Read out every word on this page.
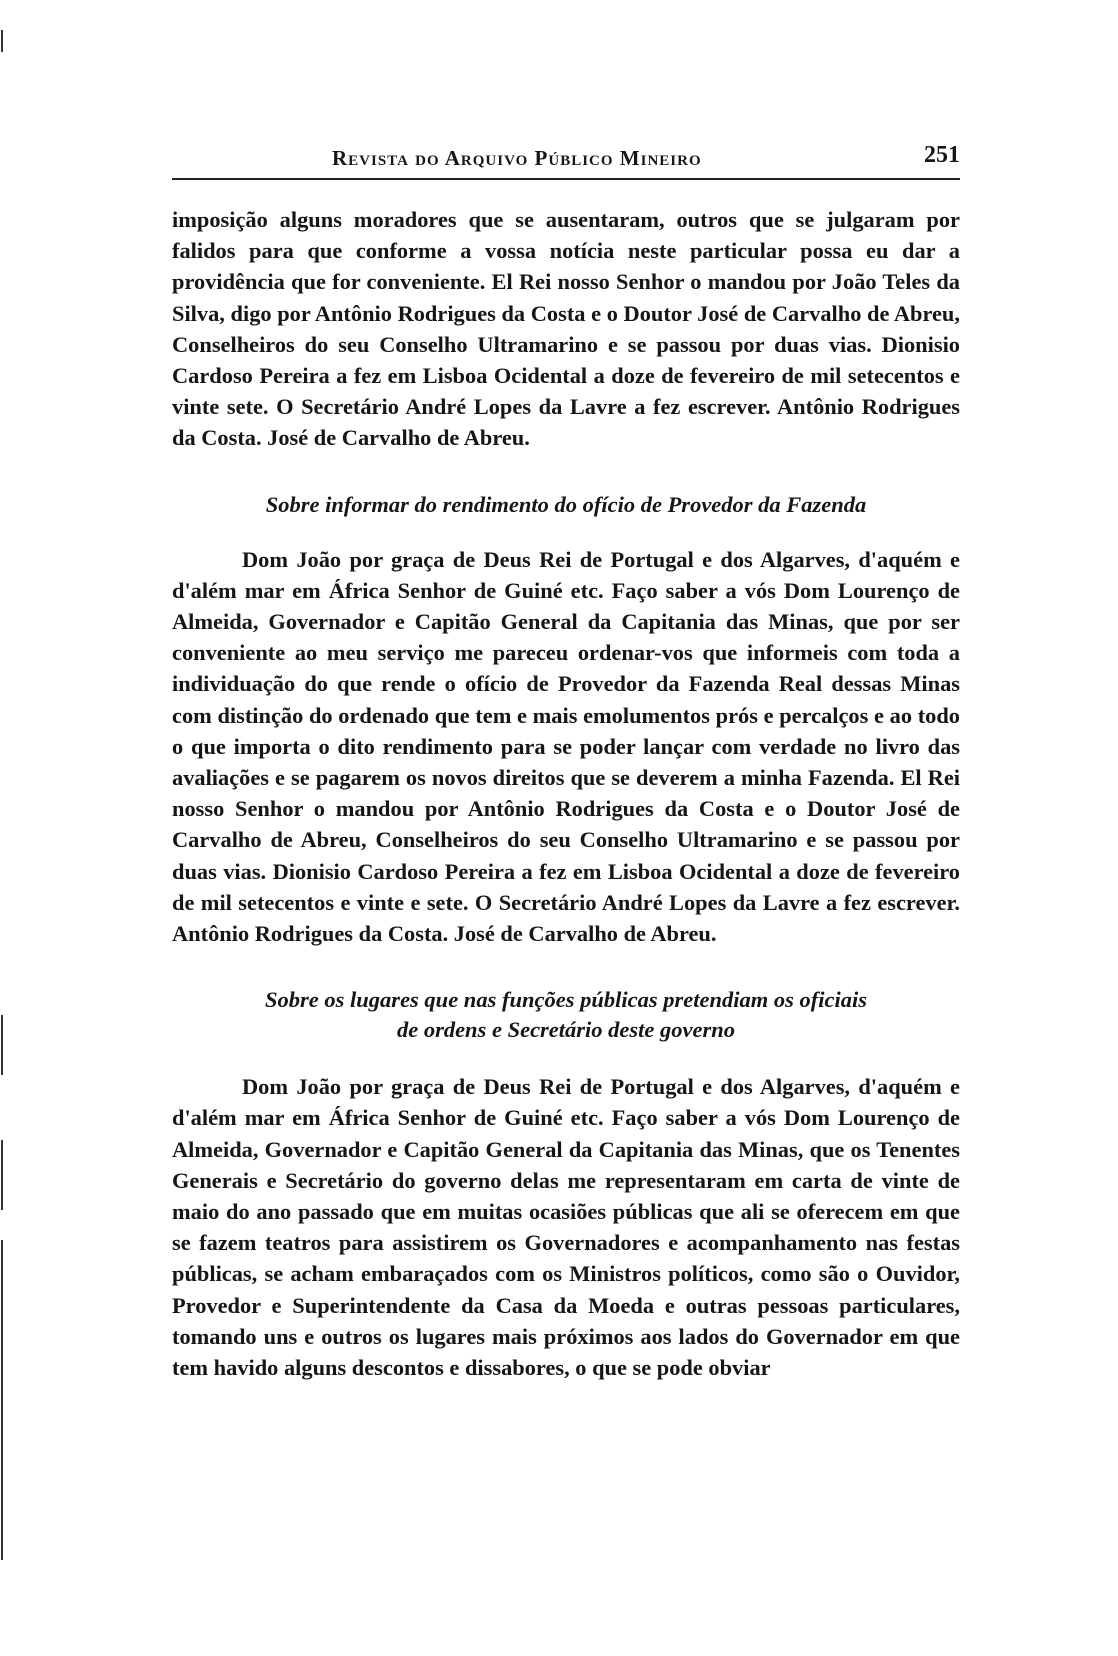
Revista do Arquivo Público Mineiro	251

imposição alguns moradores que se ausentaram, outros que se julgaram por falidos para que conforme a vossa notícia neste particular possa eu dar a providência que for conveniente. El Rei nosso Senhor o mandou por João Teles da Silva, digo por Antônio Rodrigues da Costa e o Doutor José de Carvalho de Abreu, Conselheiros do seu Conselho Ultramarino e se passou por duas vias. Dionisio Cardoso Pereira a fez em Lisboa Ocidental a doze de fevereiro de mil setecentos e vinte sete. O Secretário André Lopes da Lavre a fez escrever. Antônio Rodrigues da Costa. José de Carvalho de Abreu.

Sobre informar do rendimento do ofício de Provedor da Fazenda

Dom João por graça de Deus Rei de Portugal e dos Algarves, d'aquém e d'além mar em África Senhor de Guiné etc. Faço saber a vós Dom Lourenço de Almeida, Governador e Capitão General da Capitania das Minas, que por ser conveniente ao meu serviço me pareceu ordenar-vos que informeis com toda a individuação do que rende o ofício de Provedor da Fazenda Real dessas Minas com distinção do ordenado que tem e mais emolumentos prós e percalços e ao todo o que importa o dito rendimento para se poder lançar com verdade no livro das avaliações e se pagarem os novos direitos que se deverem a minha Fazenda. El Rei nosso Senhor o mandou por Antônio Rodrigues da Costa e o Doutor José de Carvalho de Abreu, Conselheiros do seu Conselho Ultramarino e se passou por duas vias. Dionisio Cardoso Pereira a fez em Lisboa Ocidental a doze de fevereiro de mil setecentos e vinte e sete. O Secretário André Lopes da Lavre a fez escrever. Antônio Rodrigues da Costa. José de Carvalho de Abreu.

Sobre os lugares que nas funções públicas pretendiam os oficiais
de ordens e Secretário deste governo

Dom João por graça de Deus Rei de Portugal e dos Algarves, d'aquém e d'além mar em África Senhor de Guiné etc. Faço saber a vós Dom Lourenço de Almeida, Governador e Capitão General da Capitania das Minas, que os Tenentes Generais e Secretário do governo delas me representaram em carta de vinte de maio do ano passado que em muitas ocasiões públicas que ali se oferecem em que se fazem teatros para assistirem os Governadores e acompanhamento nas festas públicas, se acham embaraçados com os Ministros políticos, como são o Ouvidor, Provedor e Superintendente da Casa da Moeda e outras pessoas particulares, tomando uns e outros os lugares mais próximos aos lados do Governador em que tem havido alguns descontos e dissabores, o que se pode obviar
